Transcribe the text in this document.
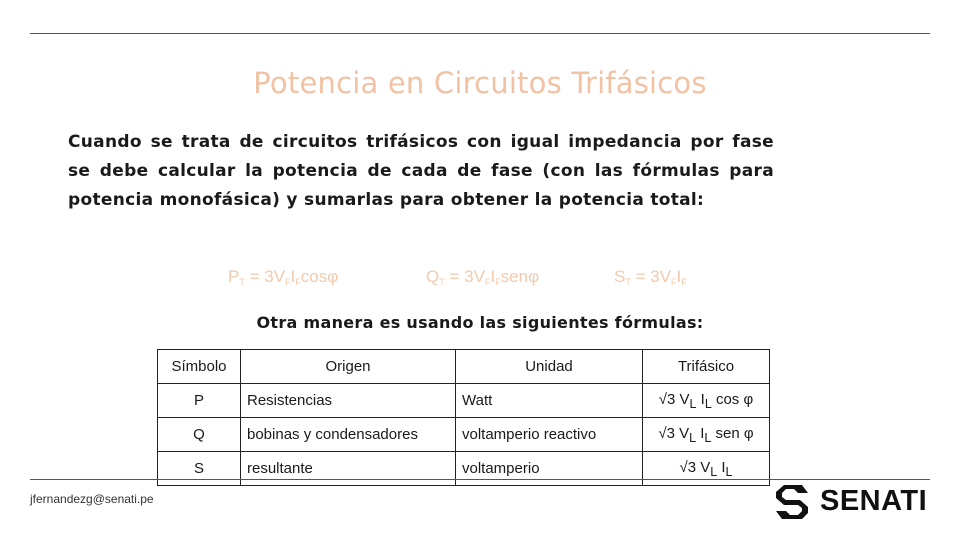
Potencia en Circuitos Trifásicos
Cuando se trata de circuitos trifásicos con igual impedancia por fase se debe calcular la potencia de cada de fase (con las fórmulas para potencia monofásica) y sumarlas para obtener la potencia total:
$P_T = 3V_FI_F\cos\varphi$	$Q_T = 3V_FI_Fsen\varphi$	$S_T = 3V_FI_F$
Otra manera es usando las siguientes fórmulas:
Símbolo	Origen	Unidad	Trifásico
P	Resistencias	Watt	√3 $V_L$ $I_L$ cos φ
Q	bobinas y condensadores	voltamperio reactivo	√3 $V_L$ $I_L$ sen φ
S	resultante	voltamperio	√3 $V_L$ $I_L$
jfernandezg@senati.pe	SENATI
